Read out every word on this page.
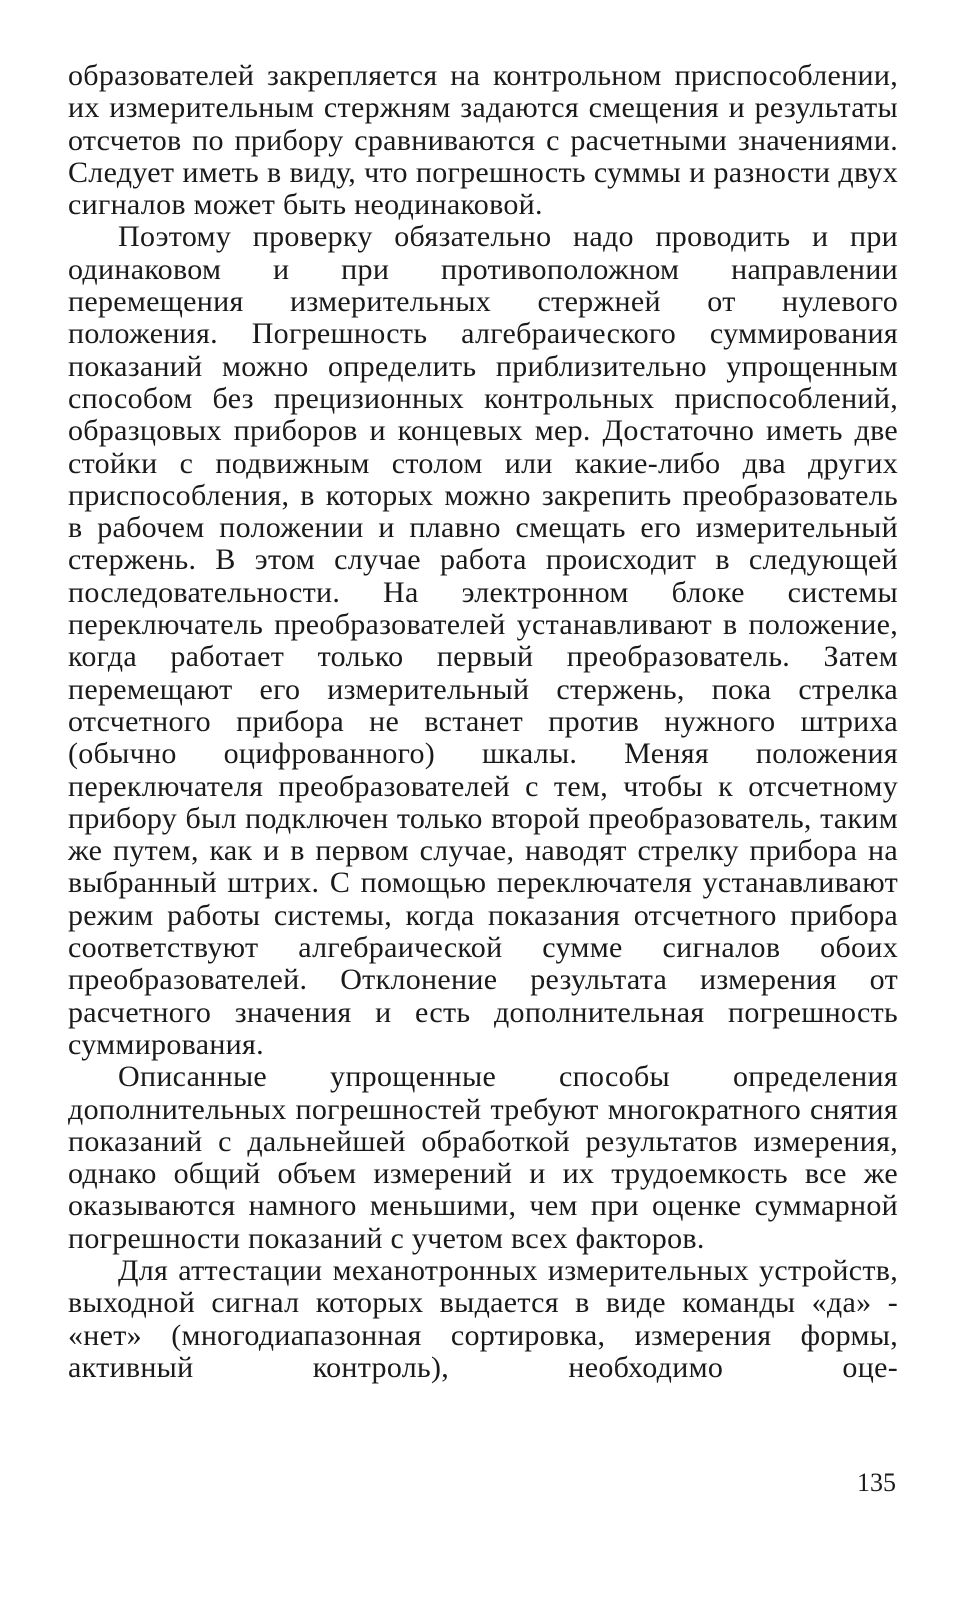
образователей закрепляется на контрольном приспособлении, их измерительным стержням задаются смещения и результаты отсчетов по прибору сравниваются с расчетными значениями. Следует иметь в виду, что погрешность суммы и разности двух сигналов может быть неодинаковой.

Поэтому проверку обязательно надо проводить и при одинаковом и при противоположном направлении перемещения измерительных стержней от нулевого положения. Погрешность алгебраического суммирования показаний можно определить приблизительно упрощенным способом без прецизионных контрольных приспособлений, образцовых приборов и концевых мер. Достаточно иметь две стойки с подвижным столом или какие-либо два других приспособления, в которых можно закрепить преобразователь в рабочем положении и плавно смещать его измерительный стержень. В этом случае работа происходит в следующей последовательности. На электронном блоке системы переключатель преобразователей устанавливают в положение, когда работает только первый преобразователь. Затем перемещают его измерительный стержень, пока стрелка отсчетного прибора не встанет против нужного штриха (обычно оцифрованного) шкалы. Меняя положения переключателя преобразователей с тем, чтобы к отсчетному прибору был подключен только второй преобразователь, таким же путем, как и в первом случае, наводят стрелку прибора на выбранный штрих. С помощью переключателя устанавливают режим работы системы, когда показания отсчетного прибора соответствуют алгебраической сумме сигналов обоих преобразователей. Отклонение результата измерения от расчетного значения и есть дополнительная погрешность суммирования.

Описанные упрощенные способы определения дополнительных погрешностей требуют многократного снятия показаний с дальнейшей обработкой результатов измерения, однако общий объем измерений и их трудоемкость все же оказываются намного меньшими, чем при оценке суммарной погрешности показаний с учетом всех факторов.

Для аттестации механотронных измерительных устройств, выходной сигнал которых выдается в виде команды «да» - «нет» (многодиапазонная сортировка, измерения формы, активный контроль), необходимо оце-

135
